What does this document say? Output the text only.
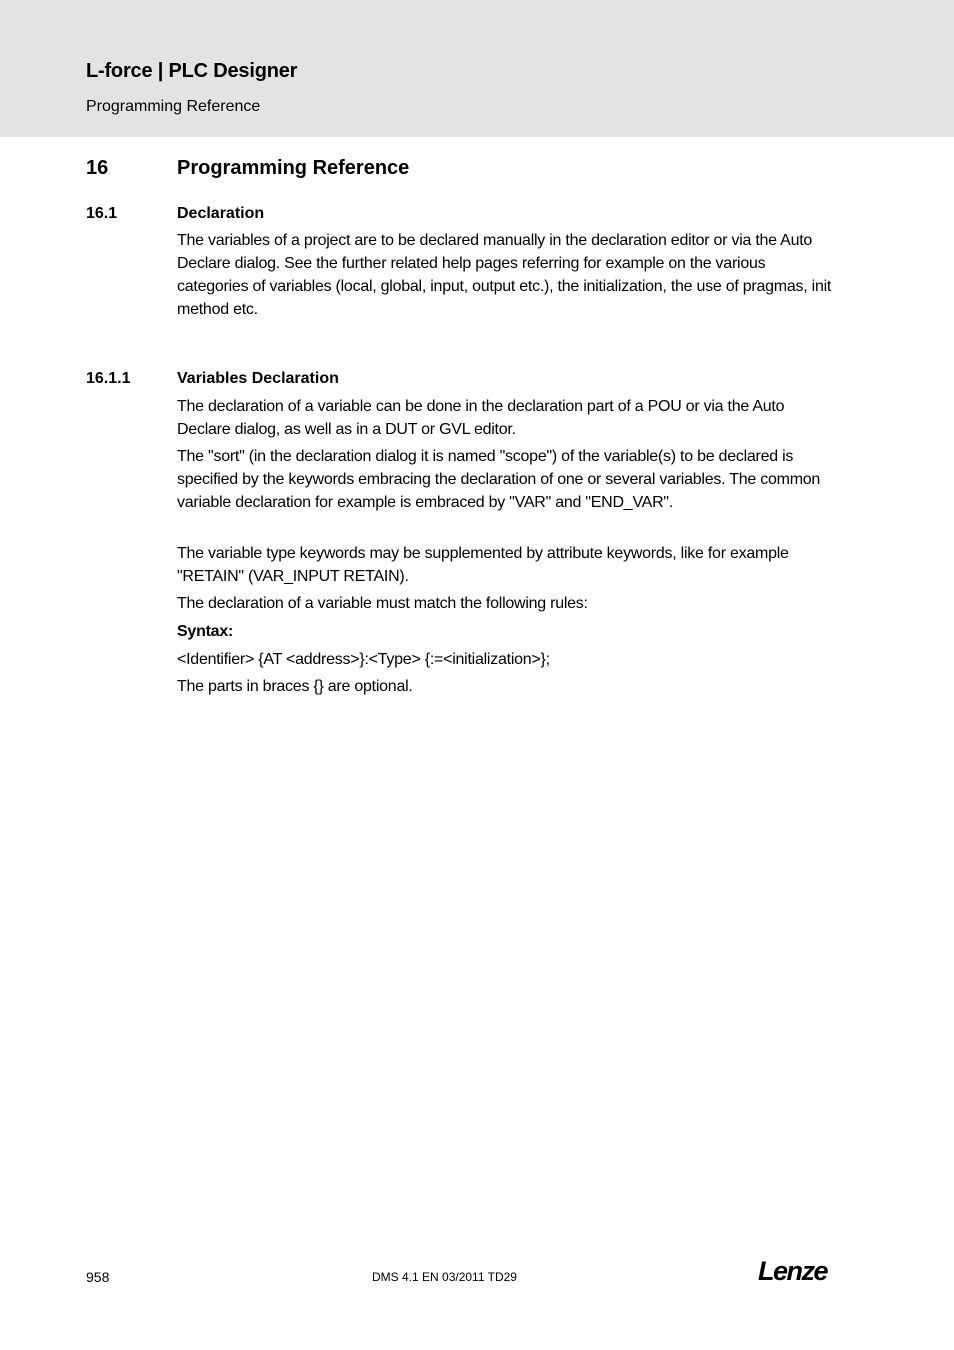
L-force | PLC Designer
Programming Reference
16	Programming Reference
16.1	Declaration

The variables of a project are to be declared manually in the declaration editor or via the Auto Declare dialog. See the further related help pages referring for example on the various categories of variables (local, global, input, output etc.), the initialization, the use of pragmas, init method etc.

16.1.1	Variables Declaration

The declaration of a variable can be done in the declaration part of a POU or via the Auto Declare dialog, as well as in a DUT or GVL editor.

The "sort" (in the declaration dialog it is named "scope") of the variable(s) to be declared is specified by the keywords embracing the declaration of one or several variables. The common variable declaration for example is embraced by "VAR" and "END_VAR".

The variable type keywords may be supplemented by attribute keywords, like for example "RETAIN" (VAR_INPUT RETAIN).

The declaration of a variable must match the following rules:

Syntax:

<Identifier> {AT <address>}:<Type> {:=<initialization>};

The parts in braces {} are optional.

958	DMS 4.1 EN 03/2011 TD29	Lenze
